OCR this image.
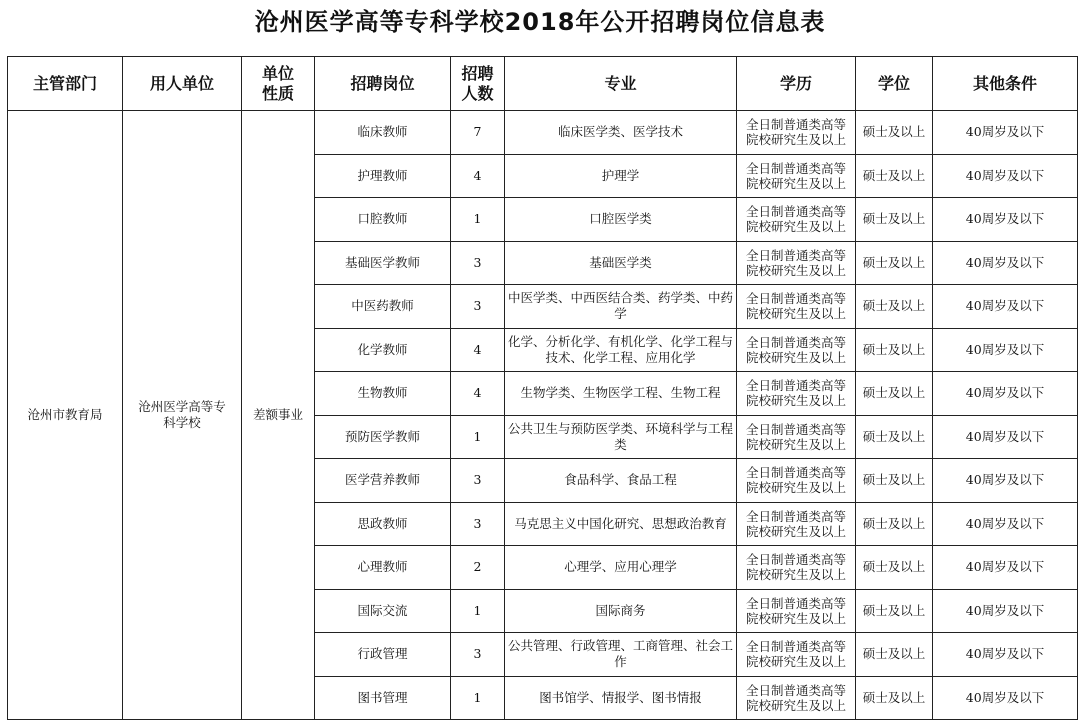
沧州医学高等专科学校2018年公开招聘岗位信息表
主管部门	用人单位	单位性质	招聘岗位	招聘人数	专业	学历	学位	其他条件
沧州市教育局	沧州医学高等专科学校	差额事业	临床教师	7	临床医学类、医学技术	全日制普通类高等院校研究生及以上	硕士及以上	40周岁及以下
			护理教师	4	护理学	全日制普通类高等院校研究生及以上	硕士及以上	40周岁及以下
			口腔教师	1	口腔医学类	全日制普通类高等院校研究生及以上	硕士及以上	40周岁及以下
			基础医学教师	3	基础医学类	全日制普通类高等院校研究生及以上	硕士及以上	40周岁及以下
			中医药教师	3	中医学类、中西医结合类、药学类、中药学	全日制普通类高等院校研究生及以上	硕士及以上	40周岁及以下
			化学教师	4	化学、分析化学、有机化学、化学工程与技术、化学工程、应用化学	全日制普通类高等院校研究生及以上	硕士及以上	40周岁及以下
			生物教师	4	生物学类、生物医学工程、生物工程	全日制普通类高等院校研究生及以上	硕士及以上	40周岁及以下
			预防医学教师	1	公共卫生与预防医学类、环境科学与工程类	全日制普通类高等院校研究生及以上	硕士及以上	40周岁及以下
			医学营养教师	3	食品科学、食品工程	全日制普通类高等院校研究生及以上	硕士及以上	40周岁及以下
			思政教师	3	马克思主义中国化研究、思想政治教育	全日制普通类高等院校研究生及以上	硕士及以上	40周岁及以下
			心理教师	2	心理学、应用心理学	全日制普通类高等院校研究生及以上	硕士及以上	40周岁及以下
			国际交流	1	国际商务	全日制普通类高等院校研究生及以上	硕士及以上	40周岁及以下
			行政管理	3	公共管理、行政管理、工商管理、社会工作	全日制普通类高等院校研究生及以上	硕士及以上	40周岁及以下
			图书管理	1	图书馆学、情报学、图书情报	全日制普通类高等院校研究生及以上	硕士及以上	40周岁及以下
